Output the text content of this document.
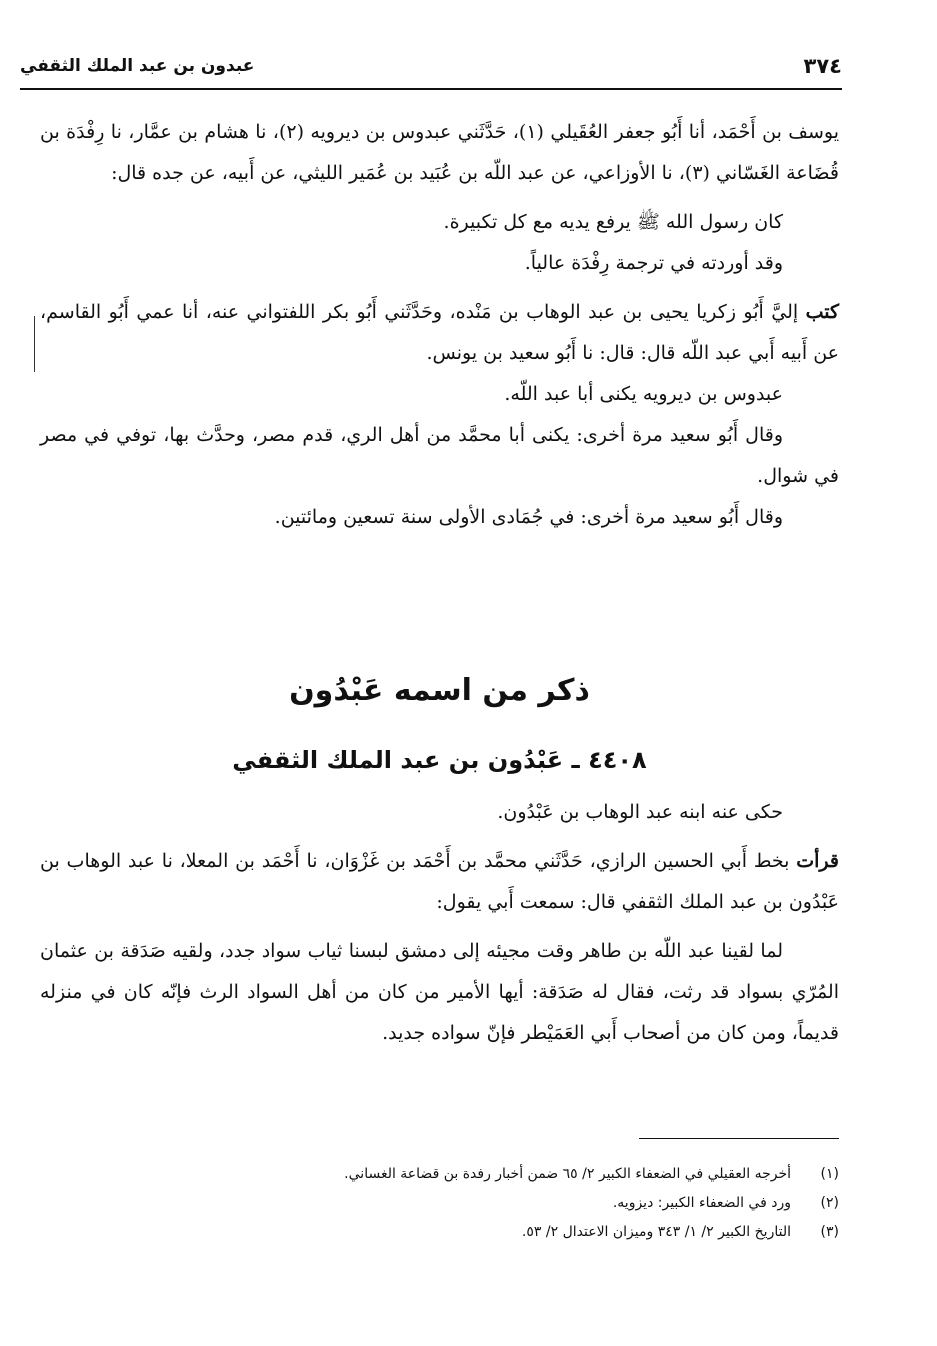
٣٧٤
عبدون بن عبد الملك الثقفي

يوسف بن أَحْمَد، أنا أَبُو جعفر العُقَيلي (١)، حَدَّثَني عبدوس بن ديرويه (٢)، نا هشام بن عمَّار، نا رِفْدَة بن قُضَاعة الغَسّاني (٣)، نا الأوزاعي، عن عبد اللّه بن عُبَيد بن عُمَير الليثي، عن أَبيه، عن جده قال:

كان رسول الله ﷺ يرفع يديه مع كل تكبيرة.

وقد أوردته في ترجمة رِفْدَة عالياً.

كتب إليَّ أَبُو زكريا يحيى بن عبد الوهاب بن مَنْده، وحَدَّثَني أَبُو بكر اللفتواني عنه، أنا عمي أَبُو القاسم، عن أَبيه أَبي عبد اللّه قال: قال: نا أَبُو سعيد بن يونس.

عبدوس بن ديرويه يكنى أبا عبد اللّه.

وقال أَبُو سعيد مرة أخرى: يكنى أبا محمَّد من أهل الري، قدم مصر، وحدَّث بها، توفي في مصر في شوال.

وقال أَبُو سعيد مرة أخرى: في جُمَادى الأولى سنة تسعين ومائتين.

ذكر من اسمه عَبْدُون
٤٤٠٨ ـ عَبْدُون بن عبد الملك الثقفي

حكى عنه ابنه عبد الوهاب بن عَبْدُون.

قرأت بخط أَبي الحسين الرازي، حَدَّثَني محمَّد بن أَحْمَد بن غَزْوَان، نا أَحْمَد بن المعلا، نا عبد الوهاب بن عَبْدُون بن عبد الملك الثقفي قال: سمعت أَبي يقول:

لما لقينا عبد اللّه بن طاهر وقت مجيئه إلى دمشق لبسنا ثياب سواد جدد، ولقيه صَدَقة بن عثمان المُرّي بسواد قد رثت، فقال له صَدَقة: أيها الأمير من كان من أهل السواد الرث فإنّه كان في منزله قديماً، ومن كان من أصحاب أَبي العَمَيْطر فإنّ سواده جديد.

(١)
أخرجه العقيلي في الضعفاء الكبير ٢/ ٦٥ ضمن أخبار رفدة بن قضاعة الغساني.
(٢)
ورد في الضعفاء الكبير: ديزويه.
(٣)
التاريخ الكبير ٢/ ١/ ٣٤٣ وميزان الاعتدال ٢/ ٥٣.
